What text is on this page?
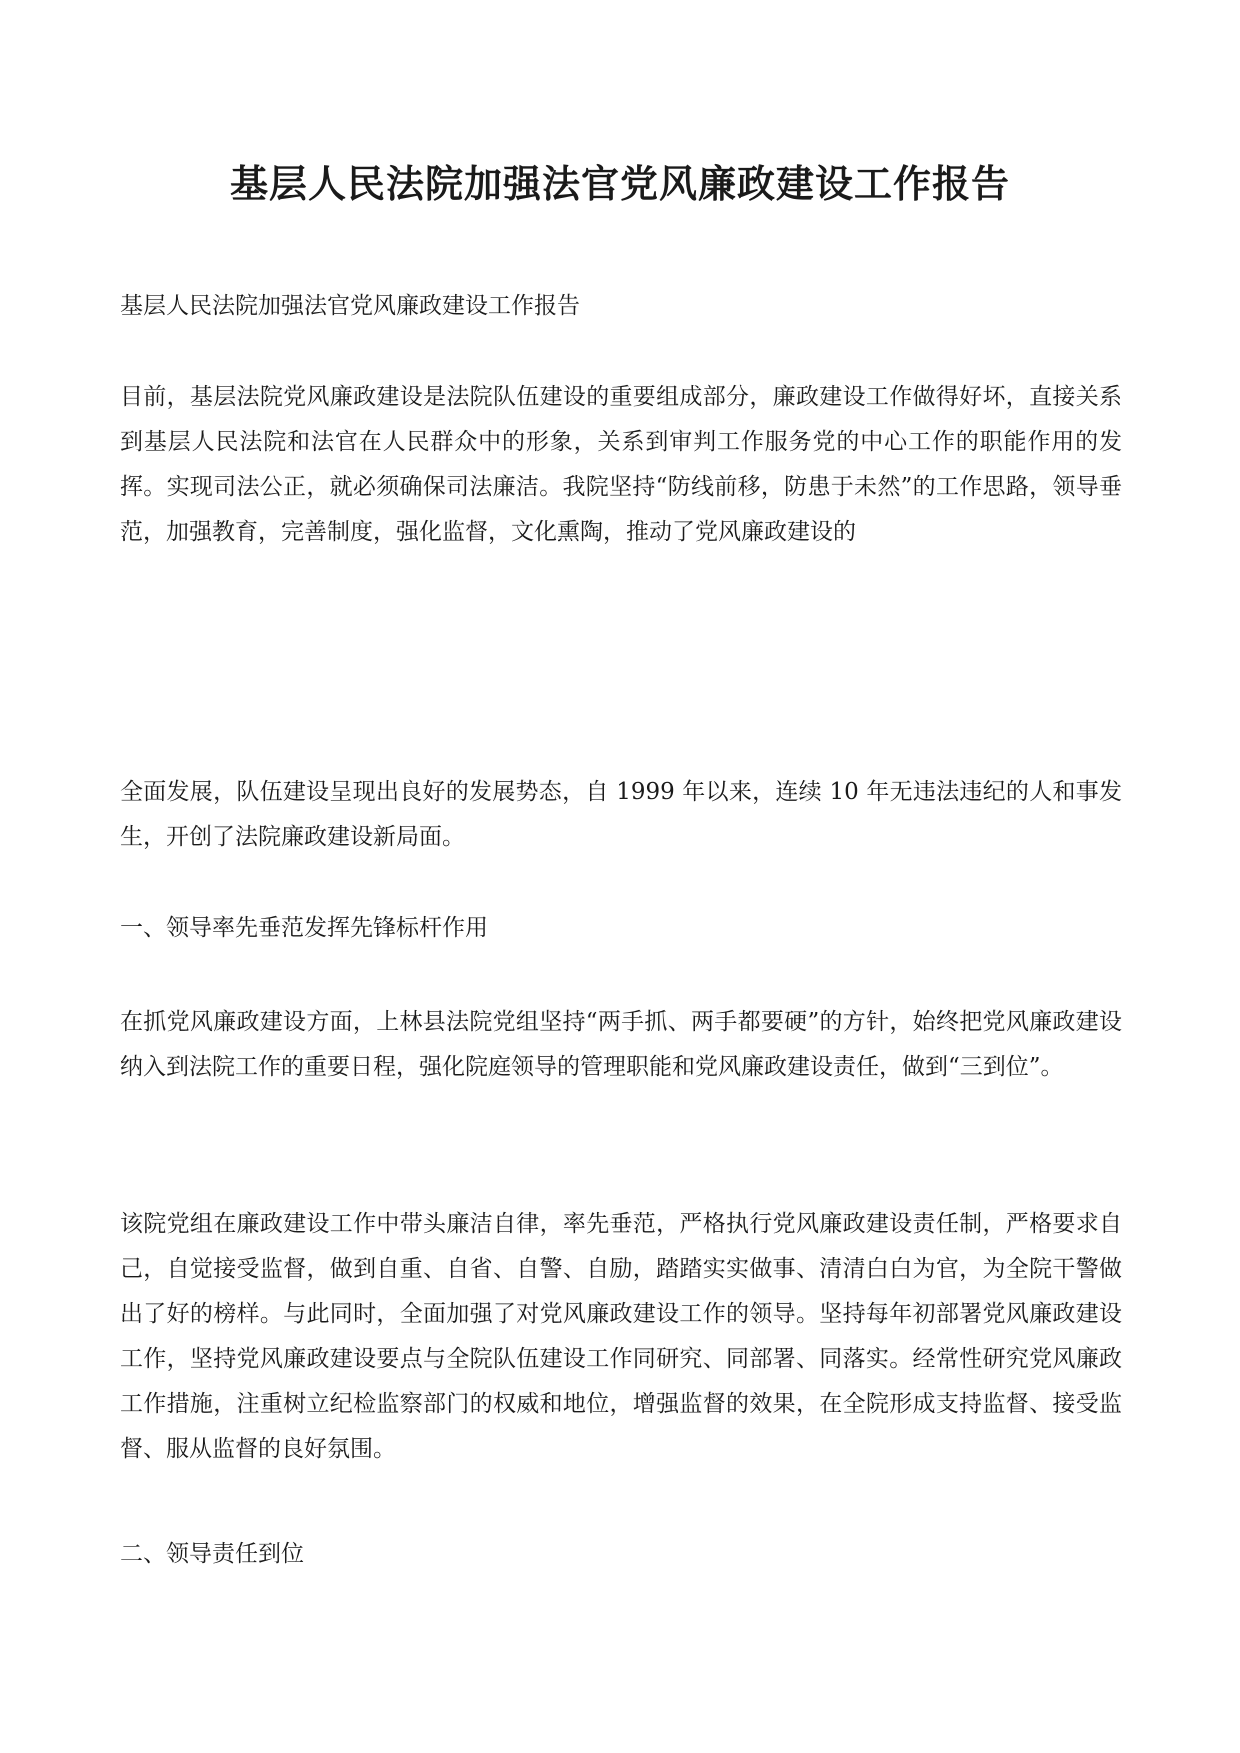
基层人民法院加强法官党风廉政建设工作报告

基层人民法院加强法官党风廉政建设工作报告

目前，基层法院党风廉政建设是法院队伍建设的重要组成部分，廉政建设工作做得好坏，直接关系到基层人民法院和法官在人民群众中的形象，关系到审判工作服务党的中心工作的职能作用的发挥。实现司法公正，就必须确保司法廉洁。我院坚持“防线前移，防患于未然”的工作思路，领导垂范，加强教育，完善制度，强化监督，文化熏陶，推动了党风廉政建设的

全面发展，队伍建设呈现出良好的发展势态，自 1999 年以来，连续 10 年无违法违纪的人和事发生，开创了法院廉政建设新局面。

一、领导率先垂范发挥先锋标杆作用

在抓党风廉政建设方面，上林县法院党组坚持“两手抓、两手都要硬”的方针，始终把党风廉政建设纳入到法院工作的重要日程，强化院庭领导的管理职能和党风廉政建设责任，做到“三到位”。

该院党组在廉政建设工作中带头廉洁自律，率先垂范，严格执行党风廉政建设责任制，严格要求自己，自觉接受监督，做到自重、自省、自警、自励，踏踏实实做事、清清白白为官，为全院干警做出了好的榜样。与此同时，全面加强了对党风廉政建设工作的领导。坚持每年初部署党风廉政建设工作，坚持党风廉政建设要点与全院队伍建设工作同研究、同部署、同落实。经常性研究党风廉政工作措施，注重树立纪检监察部门的权威和地位，增强监督的效果，在全院形成支持监督、接受监督、服从监督的良好氛围。

二、领导责任到位
